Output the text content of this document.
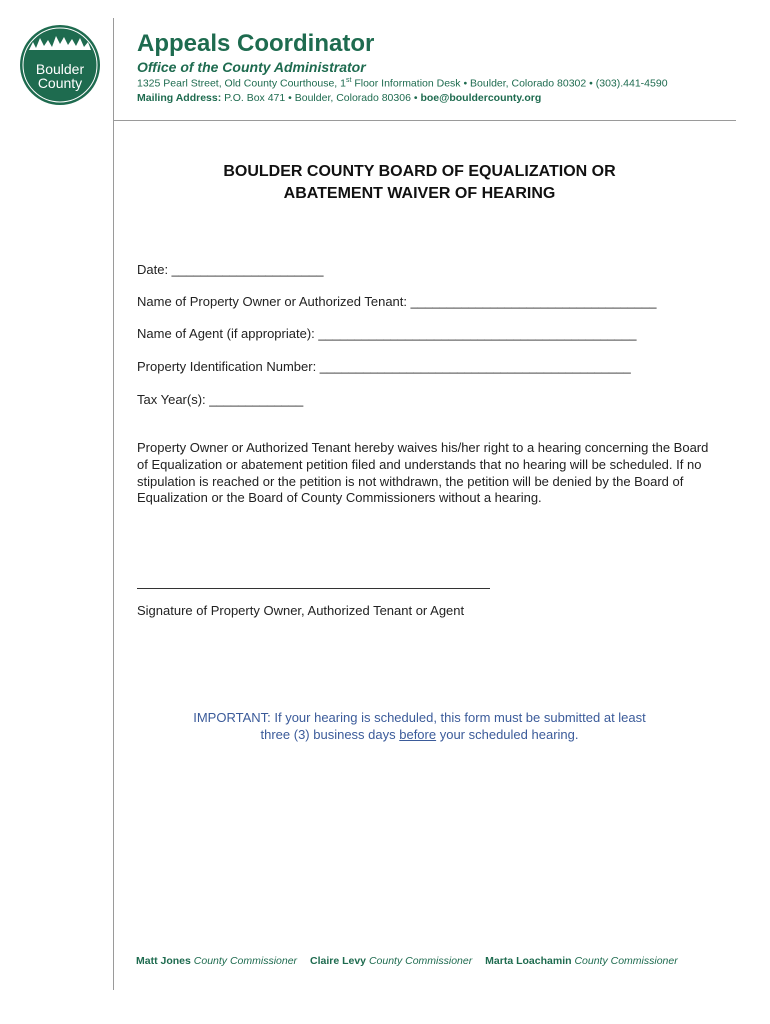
Boulder
County
Appeals Coordinator
Office of the County Administrator
1325 Pearl Street, Old County Courthouse, 1st Floor Information Desk • Boulder, Colorado 80302 • (303).441-4590
Mailing Address: P.O. Box 471 • Boulder, Colorado 80306 • boe@bouldercounty.org
BOULDER COUNTY BOARD OF EQUALIZATION OR
ABATEMENT WAIVER OF HEARING
Date: _____________________
Name of Property Owner or Authorized Tenant: __________________________________
Name of Agent (if appropriate): ____________________________________________
Property Identification Number: ___________________________________________
Tax Year(s): _____________
Property Owner or Authorized Tenant hereby waives his/her right to a hearing concerning the Board of Equalization or abatement petition filed and understands that no hearing will be scheduled. If no stipulation is reached or the petition is not withdrawn, the petition will be denied by the Board of Equalization or the Board of County Commissioners without a hearing.
Signature of Property Owner, Authorized Tenant or Agent
IMPORTANT: If your hearing is scheduled, this form must be submitted at least
three (3) business days before your scheduled hearing.
Matt Jones County Commissioner Claire Levy County Commissioner Marta Loachamin County Commissioner
